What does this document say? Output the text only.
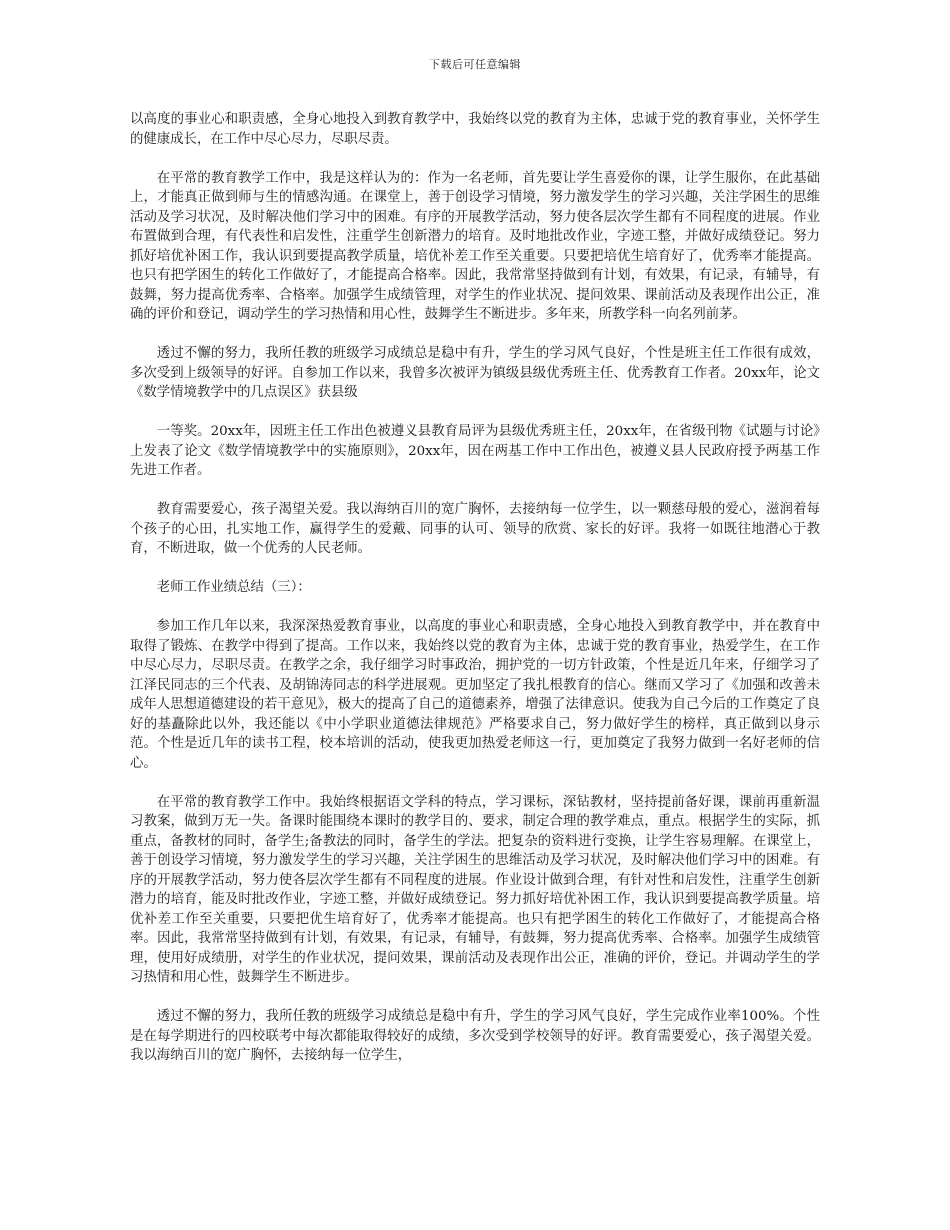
下载后可任意编辑

以高度的事业心和职责感，全身心地投入到教育教学中，我始终以党的教育为主体，忠诚于党的教育事业，关怀学生的健康成长，在工作中尽心尽力，尽职尽责。

在平常的教育教学工作中，我是这样认为的：作为一名老师，首先要让学生喜爱你的课，让学生服你，在此基础上，才能真正做到师与生的情感沟通。在课堂上，善于创设学习情境，努力激发学生的学习兴趣，关注学困生的思维活动及学习状况，及时解决他们学习中的困难。有序的开展教学活动，努力使各层次学生都有不同程度的进展。作业布置做到合理，有代表性和启发性，注重学生创新潜力的培育。及时地批改作业，字迹工整，并做好成绩登记。努力抓好培优补困工作，我认识到要提高教学质量，培优补差工作至关重要。只要把培优生培育好了，优秀率才能提高。也只有把学困生的转化工作做好了，才能提高合格率。因此，我常常坚持做到有计划，有效果，有记录，有辅导，有鼓舞，努力提高优秀率、合格率。加强学生成绩管理，对学生的作业状况、提问效果、课前活动及表现作出公正，准确的评价和登记，调动学生的学习热情和用心性，鼓舞学生不断进步。多年来，所教学科一向名列前茅。

透过不懈的努力，我所任教的班级学习成绩总是稳中有升，学生的学习风气良好，个性是班主任工作很有成效，多次受到上级领导的好评。自参加工作以来，我曾多次被评为镇级县级优秀班主任、优秀教育工作者。20xx年，论文《数学情境教学中的几点误区》获县级

一等奖。20xx年，因班主任工作出色被遵义县教育局评为县级优秀班主任，20xx年，在省级刊物《试题与讨论》上发表了论文《数学情境教学中的实施原则》，20xx年，因在两基工作中工作出色，被遵义县人民政府授予两基工作先进工作者。

教育需要爱心，孩子渴望关爱。我以海纳百川的宽广胸怀，去接纳每一位学生，以一颗慈母般的爱心，滋润着每个孩子的心田，扎实地工作，赢得学生的爱戴、同事的认可、领导的欣赏、家长的好评。我将一如既往地潜心于教育，不断进取，做一个优秀的人民老师。

老师工作业绩总结（三）：

参加工作几年以来，我深深热爱教育事业，以高度的事业心和职责感，全身心地投入到教育教学中，并在教育中取得了锻炼、在教学中得到了提高。工作以来，我始终以党的教育为主体，忠诚于党的教育事业，热爱学生，在工作中尽心尽力，尽职尽责。在教学之余，我仔细学习时事政治，拥护党的一切方针政策，个性是近几年来，仔细学习了江泽民同志的三个代表、及胡锦涛同志的科学进展观。更加坚定了我扎根教育的信心。继而又学习了《加强和改善未成年人思想道德建设的若干意见》，极大的提高了自己的道德素养，增强了法律意识。使我为自己今后的工作奠定了良好的基矗除此以外，我还能以《中小学职业道德法律规范》严格要求自己，努力做好学生的榜样，真正做到以身示范。个性是近几年的读书工程，校本培训的活动，使我更加热爱老师这一行，更加奠定了我努力做到一名好老师的信心。

在平常的教育教学工作中。我始终根据语文学科的特点，学习课标，深钻教材，坚持提前备好课，课前再重新温习教案，做到万无一失。备课时能围绕本课时的教学目的、要求，制定合理的教学难点，重点。根据学生的实际，抓重点，备教材的同时，备学生;备教法的同时，备学生的学法。把复杂的资料进行变换，让学生容易理解。在课堂上，善于创设学习情境，努力激发学生的学习兴趣，关注学困生的思维活动及学习状况，及时解决他们学习中的困难。有序的开展教学活动，努力使各层次学生都有不同程度的进展。作业设计做到合理，有针对性和启发性，注重学生创新潜力的培育，能及时批改作业，字迹工整，并做好成绩登记。努力抓好培优补困工作，我认识到要提高教学质量。培优补差工作至关重要，只要把优生培育好了，优秀率才能提高。也只有把学困生的转化工作做好了，才能提高合格率。因此，我常常坚持做到有计划，有效果，有记录，有辅导，有鼓舞，努力提高优秀率、合格率。加强学生成绩管理，使用好成绩册，对学生的作业状况，提问效果，课前活动及表现作出公正，准确的评价，登记。并调动学生的学习热情和用心性，鼓舞学生不断进步。

透过不懈的努力，我所任教的班级学习成绩总是稳中有升，学生的学习风气良好，学生完成作业率100%。个性是在每学期进行的四校联考中每次都能取得较好的成绩，多次受到学校领导的好评。教育需要爱心，孩子渴望关爱。我以海纳百川的宽广胸怀，去接纳每一位学生，
